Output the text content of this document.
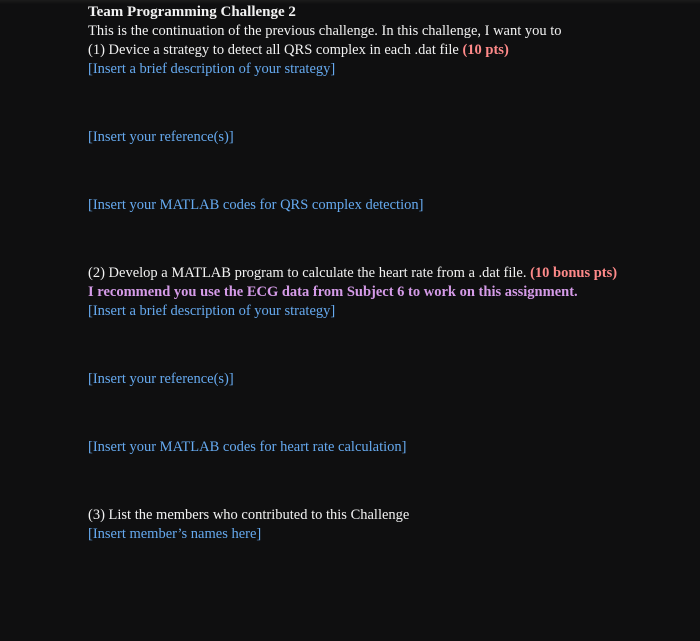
Team Programming Challenge 2
This is the continuation of the previous challenge. In this challenge, I want you to
(1) Device a strategy to detect all QRS complex in each .dat file (10 pts)
[Insert a brief description of your strategy]
[Insert your reference(s)]
[Insert your MATLAB codes for QRS complex detection]
(2) Develop a MATLAB program to calculate the heart rate from a .dat file. (10 bonus pts)
I recommend you use the ECG data from Subject 6 to work on this assignment.
[Insert a brief description of your strategy]
[Insert your reference(s)]
[Insert your MATLAB codes for heart rate calculation]
(3) List the members who contributed to this Challenge
[Insert member’s names here]
